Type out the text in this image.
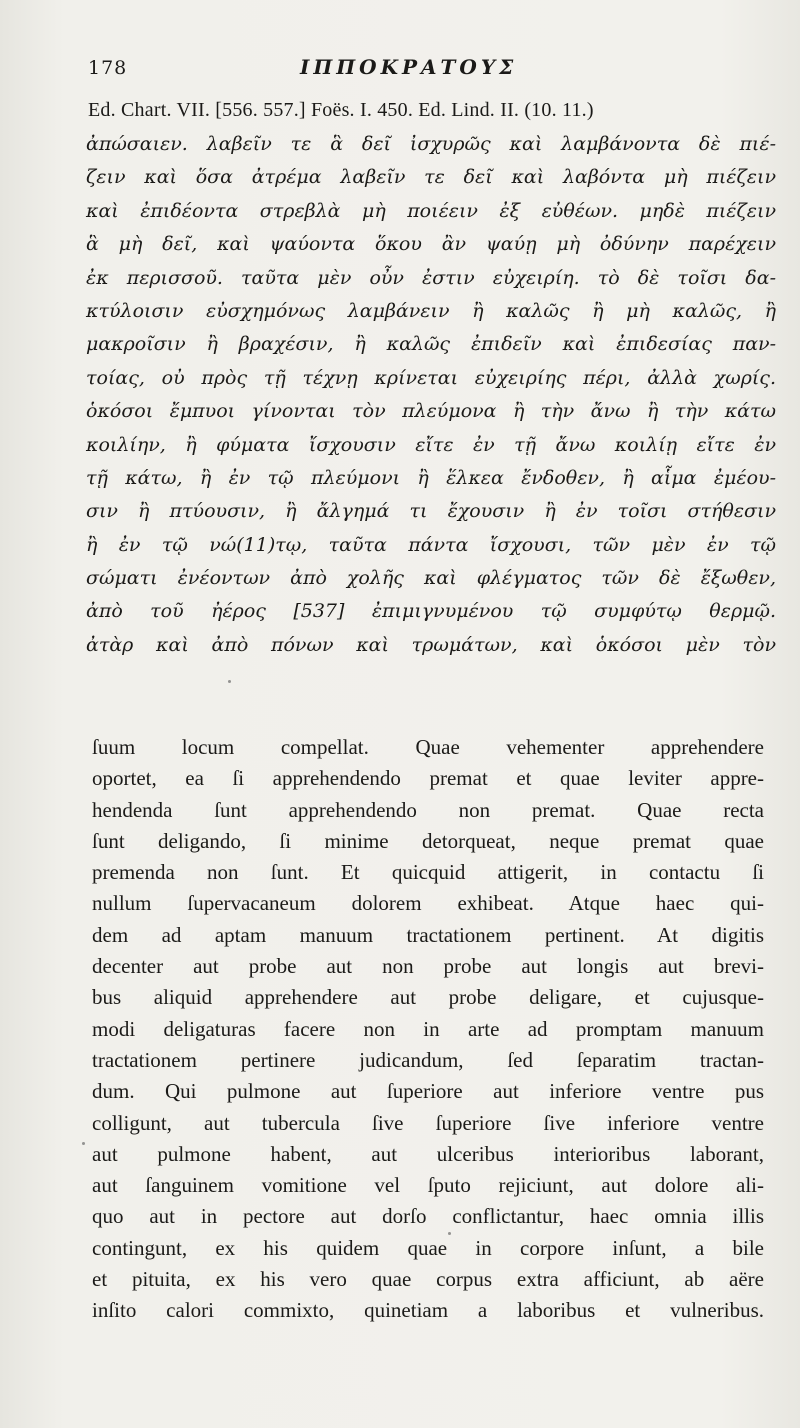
178	ΙΠΠΟΚΡΑΤΟΥΣ
Ed. Chart. VII. [556. 557.] Foës. I. 450. Ed. Lind. II. (10. 11.)
ἀπώσαιεν. λαβεῖν τε ἃ δεῖ ἰσχυρῶς καὶ λαμβάνοντα δὲ πιέ-
ζειν καὶ ὅσα ἀτρέμα λαβεῖν τε δεῖ καὶ λαβόντα μὴ πιέζειν
καὶ ἐπιδέοντα στρεβλὰ μὴ ποιέειν ἐξ εὐθέων. μηδὲ πιέζειν
ἃ μὴ δεῖ, καὶ ψαύοντα ὅκου ἂν ψαύῃ μὴ ὀδύνην παρέχειν
ἐκ περισσοῦ. ταῦτα μὲν οὖν ἐστιν εὐχειρίη. τὸ δὲ τοῖσι δα-
κτύλοισιν εὐσχημόνως λαμβάνειν ἢ καλῶς ἢ μὴ καλῶς, ἢ
μακροῖσιν ἢ βραχέσιν, ἢ καλῶς ἐπιδεῖν καὶ ἐπιδεσίας παν-
τοίας, οὐ πρὸς τῇ τέχνῃ κρίνεται εὐχειρίης πέρι, ἀλλὰ χωρίς.
ὁκόσοι ἔμπυοι γίνονται τὸν πλεύμονα ἢ τὴν ἄνω ἢ τὴν κάτω
κοιλίην, ἢ φύματα ἴσχουσιν εἴτε ἐν τῇ ἄνω κοιλίῃ εἴτε ἐν
τῇ κάτω, ἢ ἐν τῷ πλεύμονι ἢ ἕλκεα ἔνδοθεν, ἢ αἷμα ἐμέου-
σιν ἢ πτύουσιν, ἢ ἄλγημά τι ἔχουσιν ἢ ἐν τοῖσι στήθεσιν
ἢ ἐν τῷ νώ(11)τῳ, ταῦτα πάντα ἴσχουσι, τῶν μὲν ἐν τῷ
σώματι ἐνέοντων ἀπὸ χολῆς καὶ φλέγματος τῶν δὲ ἔξωθεν,
ἀπὸ τοῦ ἠέρος [537] ἐπιμιγνυμένου τῷ συμφύτῳ θερμῷ.
ἀτὰρ καὶ ἀπὸ πόνων καὶ τρωμάτων, καὶ ὁκόσοι μὲν τὸν
ſuum locum compellat. Quae vehementer apprehendere
oportet, ea ſi apprehendendo premat et quae leviter appre-
hendenda ſunt apprehendendo non premat. Quae recta
ſunt deligando, ſi minime detorqueat, neque premat quae
premenda non ſunt. Et quicquid attigerit, in contactu ſi
nullum ſupervacaneum dolorem exhibeat. Atque haec qui-
dem ad aptam manuum tractationem pertinent. At digitis
decenter aut probe aut non probe aut longis aut brevi-
bus aliquid apprehendere aut probe deligare, et cujusque-
modi deligaturas facere non in arte ad promptam manuum
tractationem pertinere judicandum, ſed ſeparatim tractan-
dum. Qui pulmone aut ſuperiore aut inferiore ventre pus
colligunt, aut tubercula ſive ſuperiore ſive inferiore ventre
aut pulmone habent, aut ulceribus interioribus laborant,
aut ſanguinem vomitione vel ſputo rejiciunt, aut dolore ali-
quo aut in pectore aut dorſo conflictantur, haec omnia illis
contingunt, ex his quidem quae in corpore inſunt, a bile
et pituita, ex his vero quae corpus extra afficiunt, ab aëre
inſito calori commixto, quinetiam a laboribus et vulneribus.
